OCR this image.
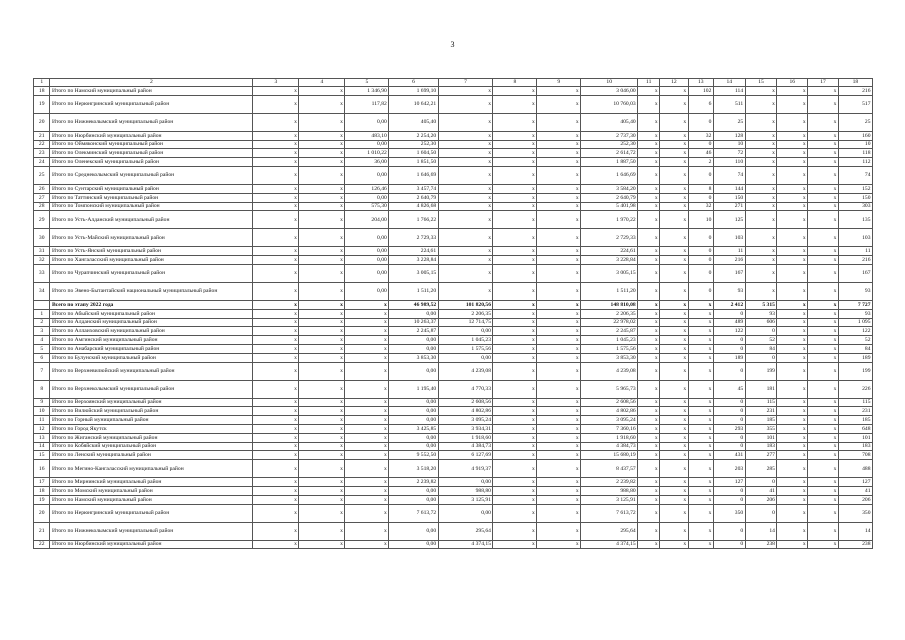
3
1	2	3	4	5	6	7	8	9	10	11	12	13	14	15	16	17	18
18	Итого по Намский муниципальный район	x	x	1 346,90	1 699,10	x	x	x	3 046,00	x	x	102	114	x	x	x	216
19	Итого по Нерюнгринский муниципальный район	x	x	117,82	10 642,21	x	x	x	10 760,03	x	x	6	511	x	x	x	517
20	Итого по Нижнеколымский муниципальный район	x	x	0,00	405,40	x	x	x	405,40	x	x	0	25	x	x	x	25
21	Итого по Нюрбинский муниципальный район	x	x	483,10	2 254,20	x	x	x	2 737,30	x	x	32	128	x	x	x	160
22	Итого по Оймяконский муниципальный район	x	x	0,00	252,30	x	x	x	252,30	x	x	0	10	x	x	x	10
23	Итого по Олекминский муниципальный район	x	x	1 010,22	1 604,50	x	x	x	2 614,72	x	x	46	72	x	x	x	118
24	Итого по Оленекский муниципальный район	x	x	36,00	1 851,50	x	x	x	1 887,50	x	x	2	110	x	x	x	112
25	Итого по Среднеколымский муниципальный район	x	x	0,00	1 646,69	x	x	x	1 646,69	x	x	0	74	x	x	x	74
26	Итого по Сунтарский муниципальный район	x	x	126,46	3 457,74	x	x	x	3 584,20	x	x	8	144	x	x	x	152
27	Итого по Таттинский муниципальный район	x	x	0,00	2 640,79	x	x	x	2 640,79	x	x	0	150	x	x	x	150
28	Итого по Томпонский муниципальный район	x	x	575,30	4 826,68	x	x	x	5 401,98	x	x	32	271	x	x	x	303
29	Итого по Усть-Алданский муниципальный район	x	x	204,00	1 766,22	x	x	x	1 970,22	x	x	10	125	x	x	x	135
30	Итого по Усть-Майский муниципальный район	x	x	0,00	2 729,33	x	x	x	2 729,33	x	x	0	103	x	x	x	103
31	Итого по Усть-Янский муниципальный район	x	x	0,00	224,61	x	x	x	224,61	x	x	0	11	x	x	x	11
32	Итого по Хангаласский муниципальный район	x	x	0,00	3 228,84	x	x	x	3 228,84	x	x	0	216	x	x	x	216
33	Итого по Чурапчинский муниципальный район	x	x	0,00	3 005,15	x	x	x	3 005,15	x	x	0	167	x	x	x	167
34	Итого по Эвено-Бытантайский национальный муниципальный район	x	x	0,00	1 511,20	x	x	x	1 511,20	x	x	0	93	x	x	x	93
	Всего по этапу 2022 года	x	x	x	46 989,52	101 820,56	x	x	148 810,08	x	x	x	2 412	5 315	x	x	7 727
1	Итого по Абыйский муниципальный район	x	x	x	0,00	2 206,35	x	x	2 206,35	x	x	x	0	93	x	x	93
2	Итого по Алданский муниципальный район	x	x	x	10 263,37	12 714,75	x	x	22 978,02	x	x	x	489	606	x	x	1 095
3	Итого по Аллаиховский муниципальный район	x	x	x	2 245,87	0,00	x	x	2 245,87	x	x	x	122	0	x	x	122
4	Итого по Амгинский муниципальный район	x	x	x	0,00	1 045,23	x	x	1 045,23	x	x	x	0	52	x	x	52
5	Итого по Анабарский муниципальный район	x	x	x	0,00	1 575,56	x	x	1 575,56	x	x	x	0	84	x	x	84
6	Итого по Булунский муниципальный район	x	x	x	3 853,30	0,00	x	x	3 853,30	x	x	x	189	0	x	x	189
7	Итого по Верхневилюйский муниципальный район	x	x	x	0,00	4 239,08	x	x	4 239,08	x	x	x	0	199	x	x	199
8	Итого по Верхнеколымский муниципальный район	x	x	x	1 195,40	4 770,33	x	x	5 965,73	x	x	x	45	181	x	x	226
9	Итого по Верхоянский муниципальный район	x	x	x	0,00	2 608,56	x	x	2 608,56	x	x	x	0	115	x	x	115
10	Итого по Вилюйский муниципальный район	x	x	x	0,00	4 802,86	x	x	4 802,86	x	x	x	0	231	x	x	231
11	Итого по Горный муниципальный район	x	x	x	0,00	3 095,24	x	x	3 095,24	x	x	x	0	185	x	x	185
12	Итого по Город Якутск	x	x	x	3 425,85	3 934,31	x	x	7 360,16	x	x	x	293	355	x	x	648
13	Итого по Жиганский муниципальный район	x	x	x	0,00	1 918,60	x	x	1 918,60	x	x	x	0	101	x	x	101
14	Итого по Кобяйский муниципальный район	x	x	x	0,00	4 384,73	x	x	4 384,73	x	x	x	0	183	x	x	183
15	Итого по Ленский муниципальный район	x	x	x	9 552,50	6 127,69	x	x	15 680,19	x	x	x	431	277	x	x	708
16	Итого по Мегино-Кангаласский муниципальный район	x	x	x	3 518,20	4 919,37	x	x	8 437,57	x	x	x	203	285	x	x	488
17	Итого по Мирнинский муниципальный район	x	x	x	2 239,82	0,00	x	x	2 239,82	x	x	x	127	0	x	x	127
18	Итого по Момский муниципальный район	x	x	x	0,00	988,80	x	x	988,80	x	x	x	0	41	x	x	41
19	Итого по Намский муниципальный район	x	x	x	0,00	3 125,91	x	x	3 125,91	x	x	x	0	206	x	x	206
20	Итого по Нерюнгринский муниципальный район	x	x	x	7 613,72	0,00	x	x	7 613,72	x	x	x	350	0	x	x	350
21	Итого по Нижнеколымский муниципальный район	x	x	x	0,00	295,64	x	x	295,64	x	x	x	0	14	x	x	14
22	Итого по Нюрбинский муниципальный район	x	x	x	0,00	4 374,15	x	x	4 374,15	x	x	x	0	238	x	x	238
